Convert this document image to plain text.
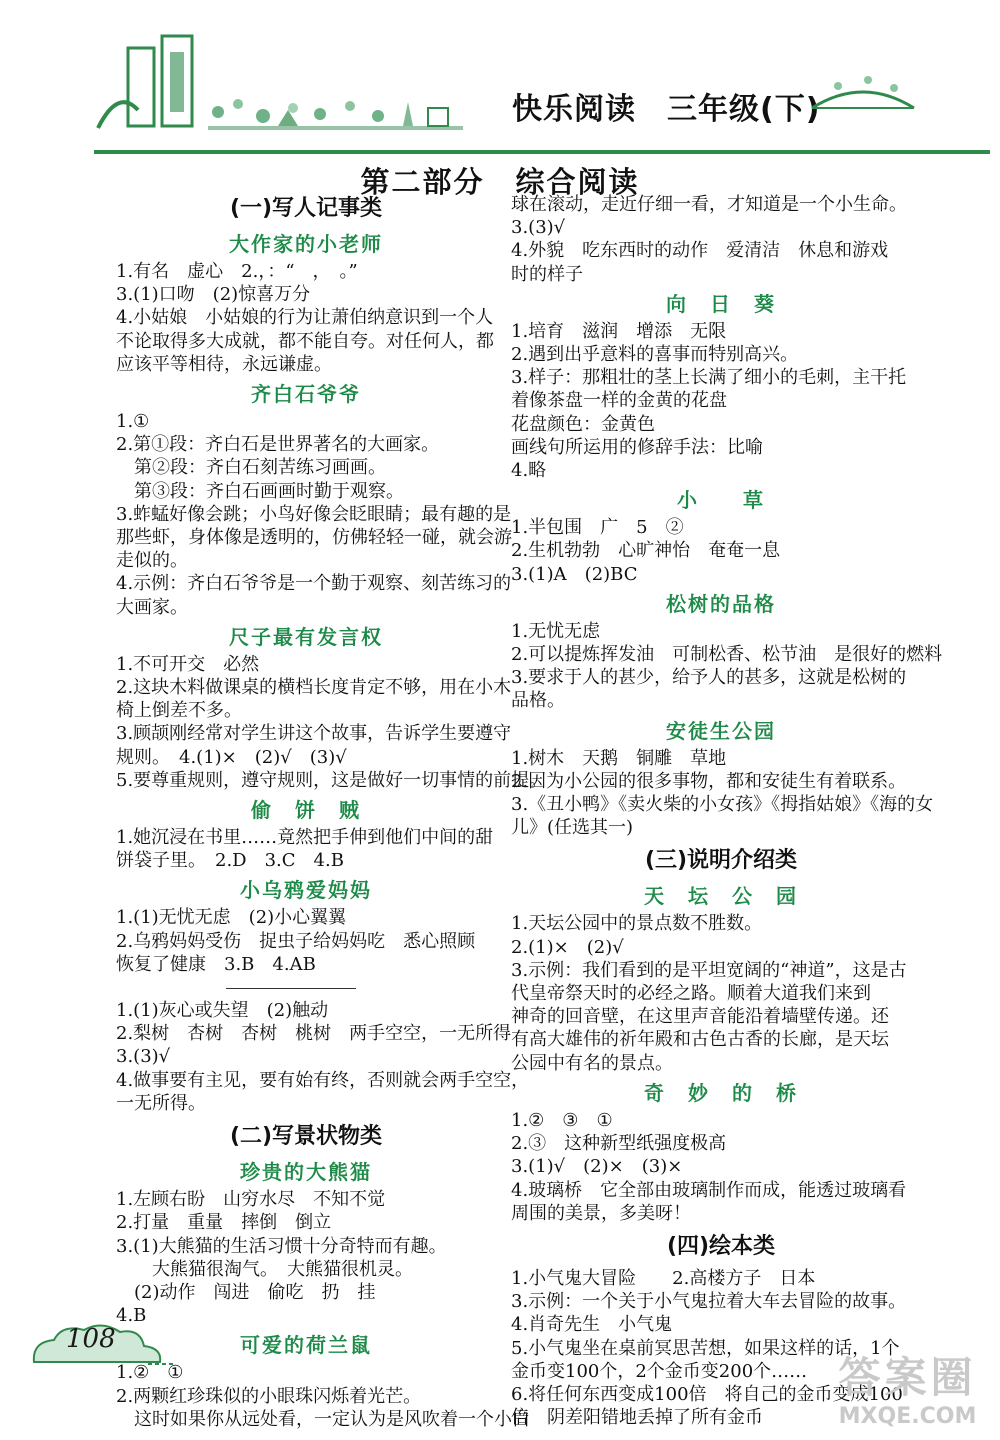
快乐阅读　三年级(下)
第二部分　综合阅读
(一)写人记事类
大作家的小老师
1.有名　虚心　2.，：“　，　。”
3.(1)口吻　(2)惊喜万分
4.小姑娘　小姑娘的行为让萧伯纳意识到一个人
不论取得多大成就，都不能自夸。对任何人，都
应该平等相待，永远谦虚。
齐白石爷爷
1.①
2.第①段：齐白石是世界著名的大画家。
　第②段：齐白石刻苦练习画画。
　第③段：齐白石画画时勤于观察。
3.蚱蜢好像会跳；小鸟好像会眨眼睛；最有趣的是
那些虾，身体像是透明的，仿佛轻轻一碰，就会游
走似的。
4.示例：齐白石爷爷是一个勤于观察、刻苦练习的
大画家。
尺子最有发言权
1.不可开交　必然
2.这块木料做课桌的横档长度肯定不够，用在小木
椅上倒差不多。
3.顾颉刚经常对学生讲这个故事，告诉学生要遵守
规则。　4.(1)×　(2)√　(3)√
5.要尊重规则，遵守规则，这是做好一切事情的前提。
偷　饼　贼
1.她沉浸在书里……竟然把手伸到他们中间的甜
饼袋子里。　2.D　3.C　4.B
小乌鸦爱妈妈
1.(1)无忧无虑　(2)小心翼翼
2.乌鸦妈妈受伤　捉虫子给妈妈吃　悉心照顾
恢复了健康　3.B　4.AB
1.(1)灰心或失望　(2)触动
2.梨树　杏树　杏树　桃树　两手空空，一无所得
3.(3)√
4.做事要有主见，要有始有终，否则就会两手空空，
一无所得。
(二)写景状物类
珍贵的大熊猫
1.左顾右盼　山穷水尽　不知不觉
2.打量　重量　摔倒　倒立
3.(1)大熊猫的生活习惯十分奇特而有趣。
　　大熊猫很淘气。　大熊猫很机灵。
　(2)动作　闯进　偷吃　扔　挂
4.B
可爱的荷兰鼠
1.②　①
2.两颗红珍珠似的小眼珠闪烁着光芒。
　这时如果你从远处看，一定认为是风吹着一个小白
球在滚动，走近仔细一看，才知道是一个小生命。
3.(3)√
4.外貌　吃东西时的动作　爱清洁　休息和游戏
时的样子
向　日　葵
1.培育　滋润　增添　无限
2.遇到出乎意料的喜事而特别高兴。
3.样子：那粗壮的茎上长满了细小的毛刺，主干托
着像茶盘一样的金黄的花盘
花盘颜色：金黄色
画线句所运用的修辞手法：比喻
4.略
小　　草
1.半包围　广　5　②
2.生机勃勃　心旷神怡　奄奄一息
3.(1)A　(2)BC
松树的品格
1.无忧无虑
2.可以提炼挥发油　可制松香、松节油　是很好的燃料
3.要求于人的甚少，给予人的甚多，这就是松树的
品格。
安徒生公园
1.树木　天鹅　铜雕　草地
2.因为小公园的很多事物，都和安徒生有着联系。
3.《丑小鸭》《卖火柴的小女孩》《拇指姑娘》《海的女
儿》(任选其一)
(三)说明介绍类
天　坛　公　园
1.天坛公园中的景点数不胜数。
2.(1)×　(2)√
3.示例：我们看到的是平坦宽阔的“神道”，这是古
代皇帝祭天时的必经之路。顺着大道我们来到
神奇的回音壁，在这里声音能沿着墙壁传递。还
有高大雄伟的祈年殿和古色古香的长廊，是天坛
公园中有名的景点。
奇　妙　的　桥
1.②　③　①
2.③　这种新型纸强度极高
3.(1)√　(2)×　(3)×
4.玻璃桥　它全部由玻璃制作而成，能透过玻璃看
周围的美景，多美呀！
(四)绘本类
1.小气鬼大冒险　　2.高楼方子　日本
3.示例：一个关于小气鬼拉着大车去冒险的故事。
4.肖奇先生　小气鬼
5.小气鬼坐在桌前冥思苦想，如果这样的话，1个
金币变100个，2个金币变200个……
6.将任何东西变成100倍　将自己的金币变成100
倍　阴差阳错地丢掉了所有金币
108
答案圈
MXQE.COM
